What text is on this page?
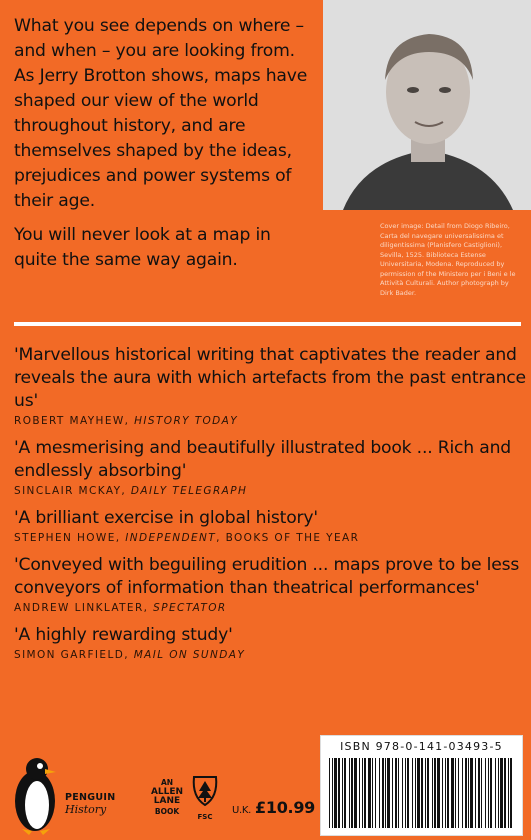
What you see depends on where – and when – you are looking from. As Jerry Brotton shows, maps have shaped our view of the world throughout history, and are themselves shaped by the ideas, prejudices and power systems of their age.

You will never look at a map in quite the same way again.

Cover image: Detail from Diogo Ribeiro, Carta del navegare universalissima et diligentissima (Planisfero Castiglioni), Sevilla, 1525. Biblioteca Estense Universitaria, Modena. Reproduced by permission of the Ministero per i Beni e le Attività Culturali. Author photograph by Dirk Bader.
'Marvellous historical writing that captivates the reader and reveals the aura with which artefacts from the past entrance us'
ROBERT MAYHEW, HISTORY TODAY
'A mesmerising and beautifully illustrated book ... Rich and endlessly absorbing'
SINCLAIR MCKAY, DAILY TELEGRAPH
'A brilliant exercise in global history'
STEPHEN HOWE, INDEPENDENT, BOOKS OF THE YEAR
'Conveyed with beguiling erudition ... maps prove to be less conveyors of information than theatrical performances'
ANDREW LINKLATER, SPECTATOR
'A highly rewarding study'
SIMON GARFIELD, MAIL ON SUNDAY
PENGUIN
History
AN
ALLEN
LANE
BOOK
FSC
U.K. £10.99
ISBN 978-0-141-03493-5
